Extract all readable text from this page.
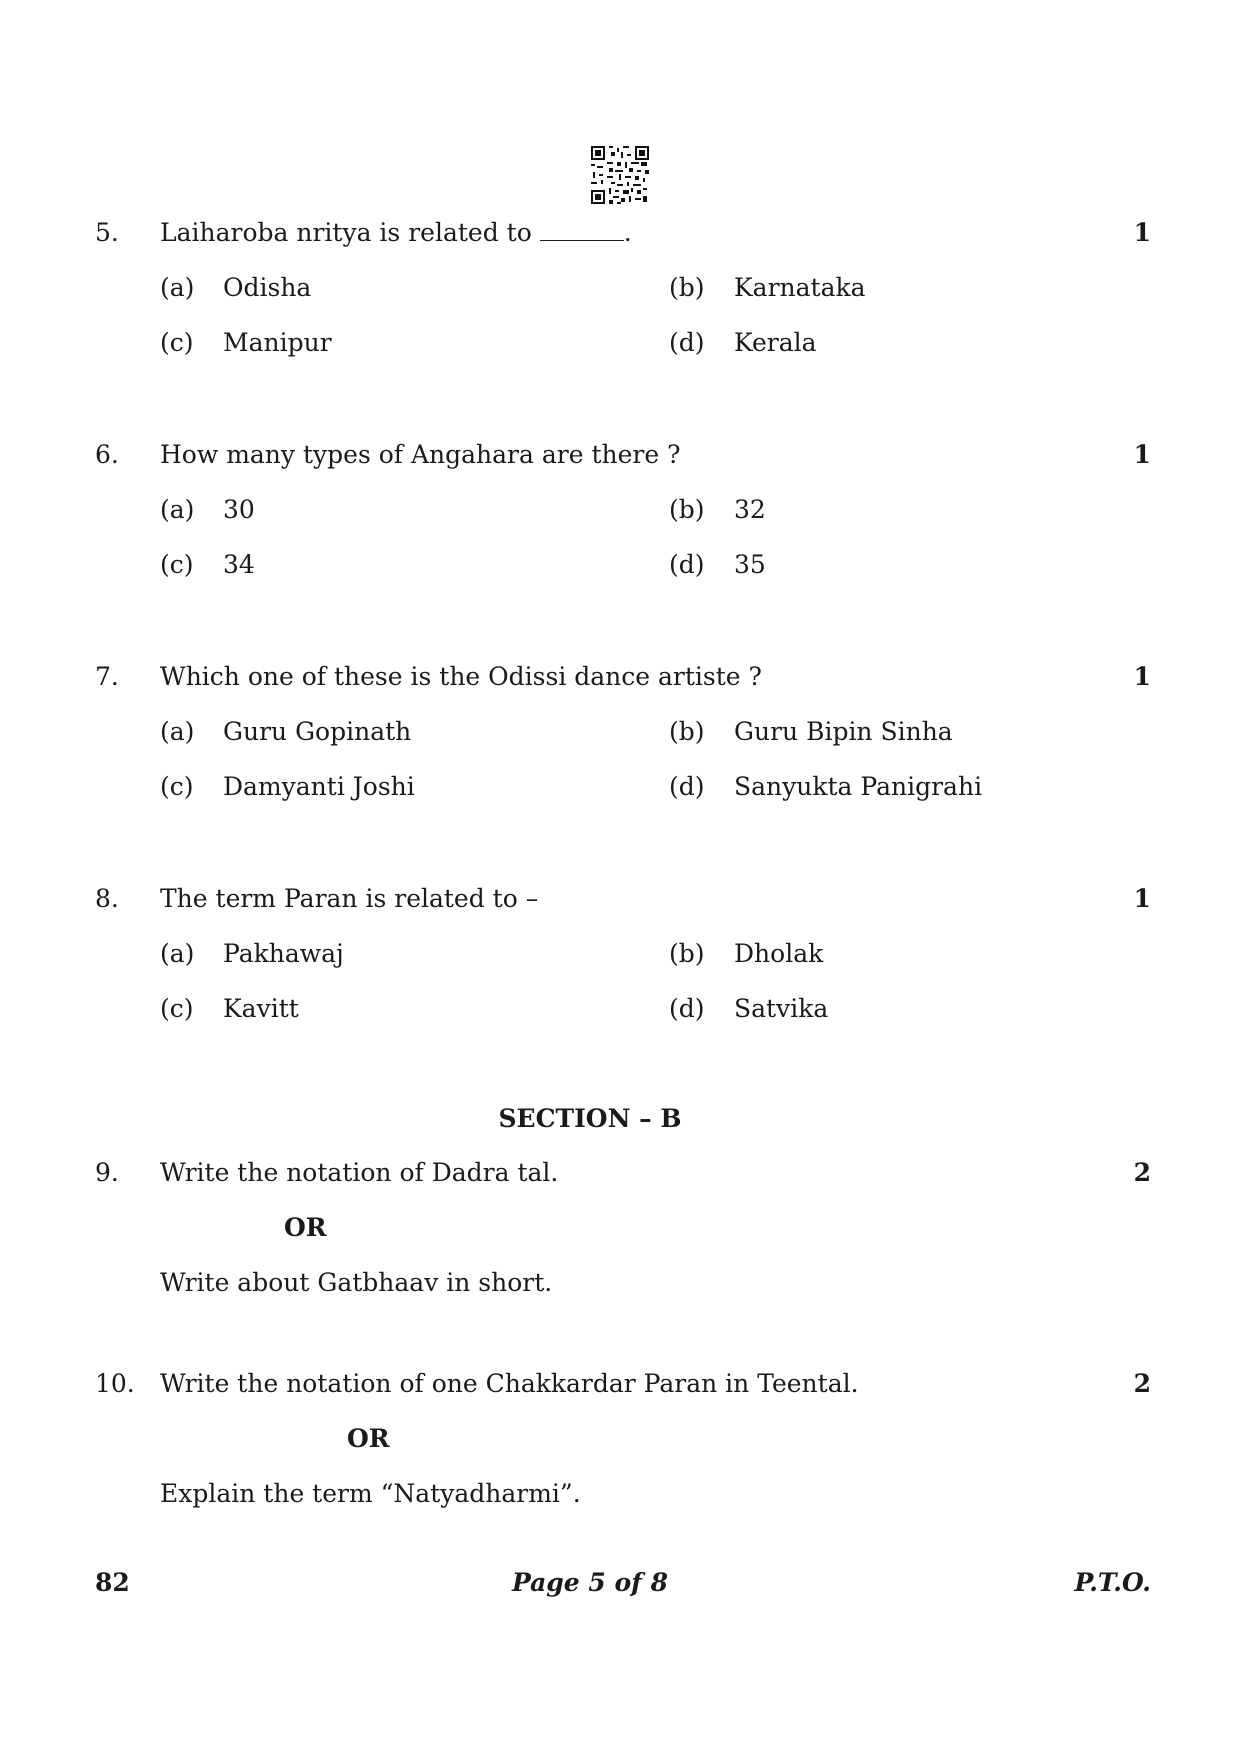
5. Laiharoba nritya is related to	.	1
(a) Odisha	(b) Karnataka
(c) Manipur	(d) Kerala
6. How many types of Angahara are there ?	1
(a) 30	(b) 32
(c) 34	(d) 35
7. Which one of these is the Odissi dance artiste ?	1
(a) Guru Gopinath	(b) Guru Bipin Sinha
(c) Damyanti Joshi	(d) Sanyukta Panigrahi
8. The term Paran is related to –	1
(a) Pakhawaj	(b) Dholak
(c) Kavitt	(d) Satvika
SECTION – B
9. Write the notation of Dadra tal.	2
OR
Write about Gatbhaav in short.
10. Write the notation of one Chakkardar Paran in Teental.	2
OR
Explain the term “Natyadharmi”.
82	Page 5 of 8	P.T.O.
